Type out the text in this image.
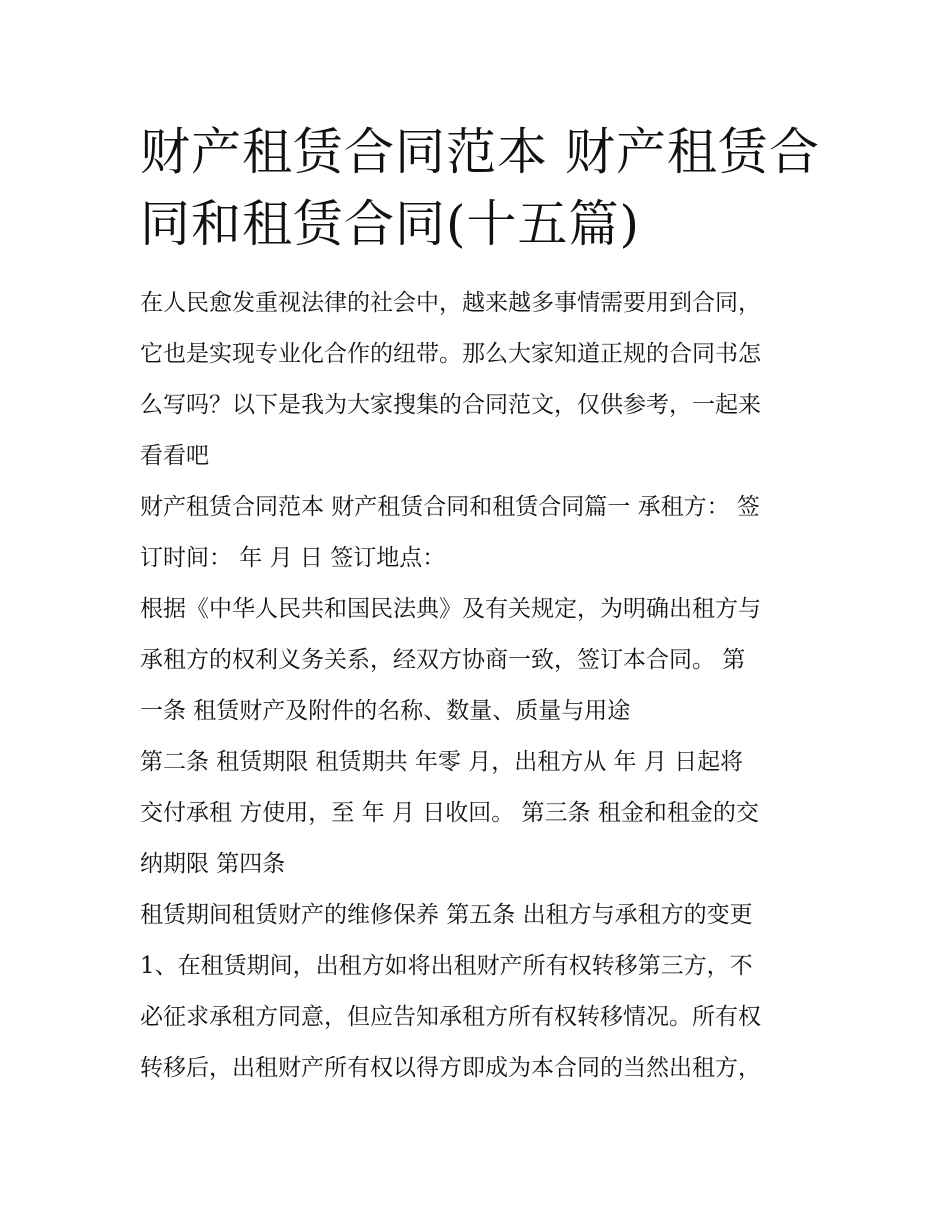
财产租赁合同范本 财产租赁合
同和租赁合同(十五篇)
在人民愈发重视法律的社会中，越来越多事情需要用到合同，
它也是实现专业化合作的纽带。那么大家知道正规的合同书怎
么写吗？以下是我为大家搜集的合同范文，仅供参考，一起来
看看吧
财产租赁合同范本 财产租赁合同和租赁合同篇一 承租方： 签
订时间： 年 月 日 签订地点：
根据《中华人民共和国民法典》及有关规定，为明确出租方与
承租方的权利义务关系，经双方协商一致，签订本合同。 第
一条 租赁财产及附件的名称、数量、质量与用途
第二条 租赁期限 租赁期共 年零 月，出租方从 年 月 日起将
交付承租 方使用，至 年 月 日收回。 第三条 租金和租金的交
纳期限 第四条
租赁期间租赁财产的维修保养 第五条 出租方与承租方的变更
1、在租赁期间，出租方如将出租财产所有权转移第三方，不
必征求承租方同意，但应告知承租方所有权转移情况。所有权
转移后，出租财产所有权以得方即成为本合同的当然出租方，
